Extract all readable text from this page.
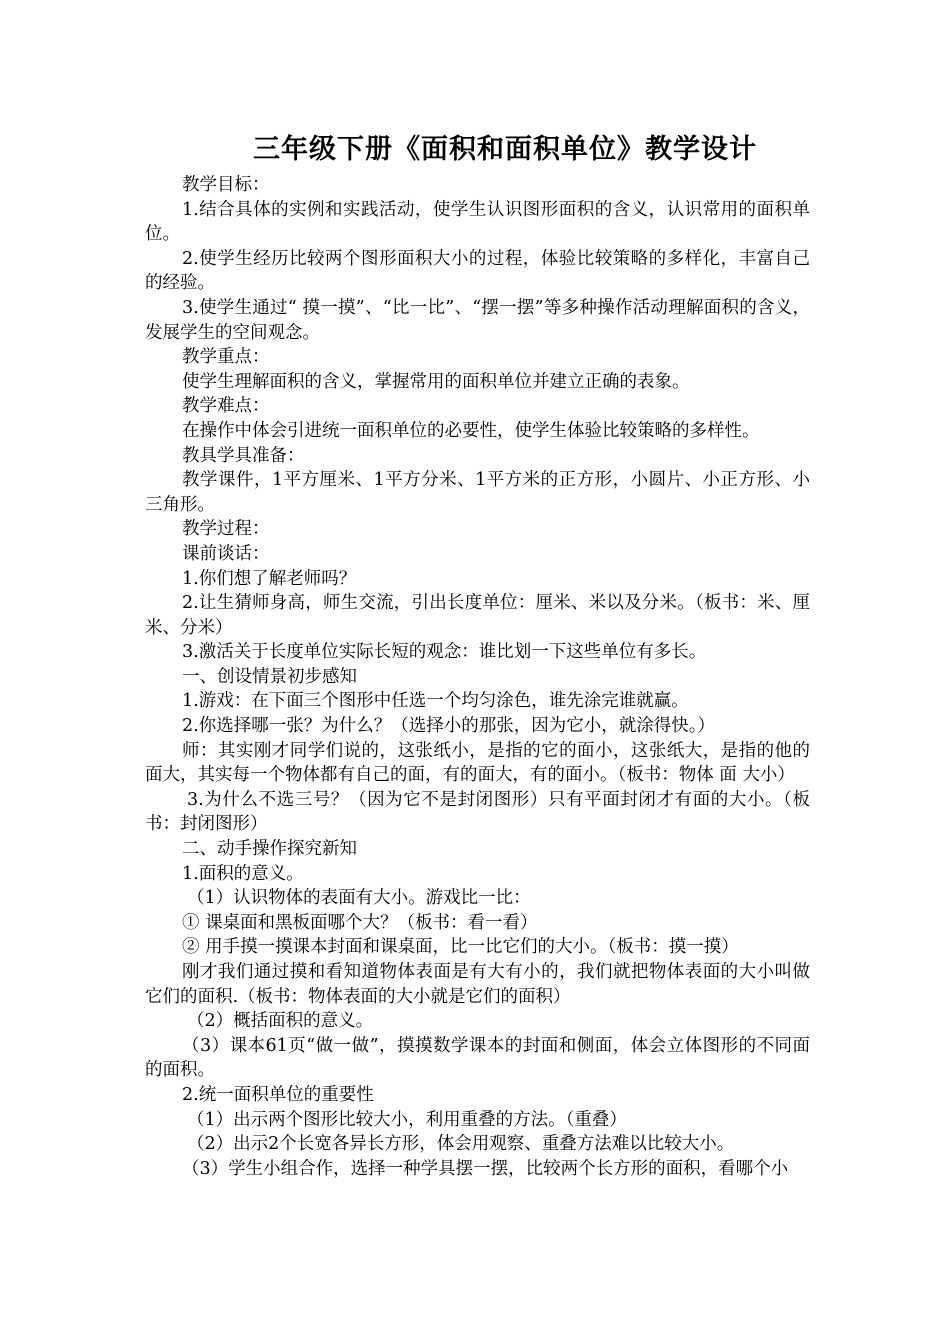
三年级下册《面积和面积单位》教学设计

教学目标：

1.结合具体的实例和实践活动，使学生认识图形面积的含义，认识常用的面积单位。

2.使学生经历比较两个图形面积大小的过程，体验比较策略的多样化，丰富自己的经验。

3.使学生通过“ 摸一摸”、“比一比”、“摆一摆”等多种操作活动理解面积的含义，发展学生的空间观念。

教学重点：

使学生理解面积的含义，掌握常用的面积单位并建立正确的表象。

教学难点：

在操作中体会引进统一面积单位的必要性，使学生体验比较策略的多样性。

教具学具准备：

教学课件，1平方厘米、1平方分米、1平方米的正方形，小圆片、小正方形、小三角形。

教学过程：

课前谈话：

1.你们想了解老师吗？

2.让生猜师身高，师生交流，引出长度单位：厘米、米以及分米。（板书：米、厘米、分米）

3.激活关于长度单位实际长短的观念：谁比划一下这些单位有多长。

一、创设情景初步感知

1.游戏：在下面三个图形中任选一个均匀涂色，谁先涂完谁就赢。

2.你选择哪一张？为什么？（选择小的那张，因为它小，就涂得快。）

师：其实刚才同学们说的，这张纸小，是指的它的面小，这张纸大，是指的他的面大，其实每一个物体都有自己的面，有的面大，有的面小。（板书：物体 面 大小）

3.为什么不选三号？（因为它不是封闭图形）只有平面封闭才有面的大小。（板书：封闭图形）

二、动手操作探究新知

1.面积的意义。

（1）认识物体的表面有大小。游戏比一比：

① 课桌面和黑板面哪个大？（板书：看一看）

② 用手摸一摸课本封面和课桌面，比一比它们的大小。（板书：摸一摸）

刚才我们通过摸和看知道物体表面是有大有小的，我们就把物体表面的大小叫做它们的面积.（板书：物体表面的大小就是它们的面积）

（2）概括面积的意义。

（3）课本61页“做一做”，摸摸数学课本的封面和侧面，体会立体图形的不同面的面积。

2.统一面积单位的重要性

（1）出示两个图形比较大小，利用重叠的方法。（重叠）

（2）出示2个长宽各异长方形，体会用观察、重叠方法难以比较大小。

（3）学生小组合作，选择一种学具摆一摆，比较两个长方形的面积，看哪个小
